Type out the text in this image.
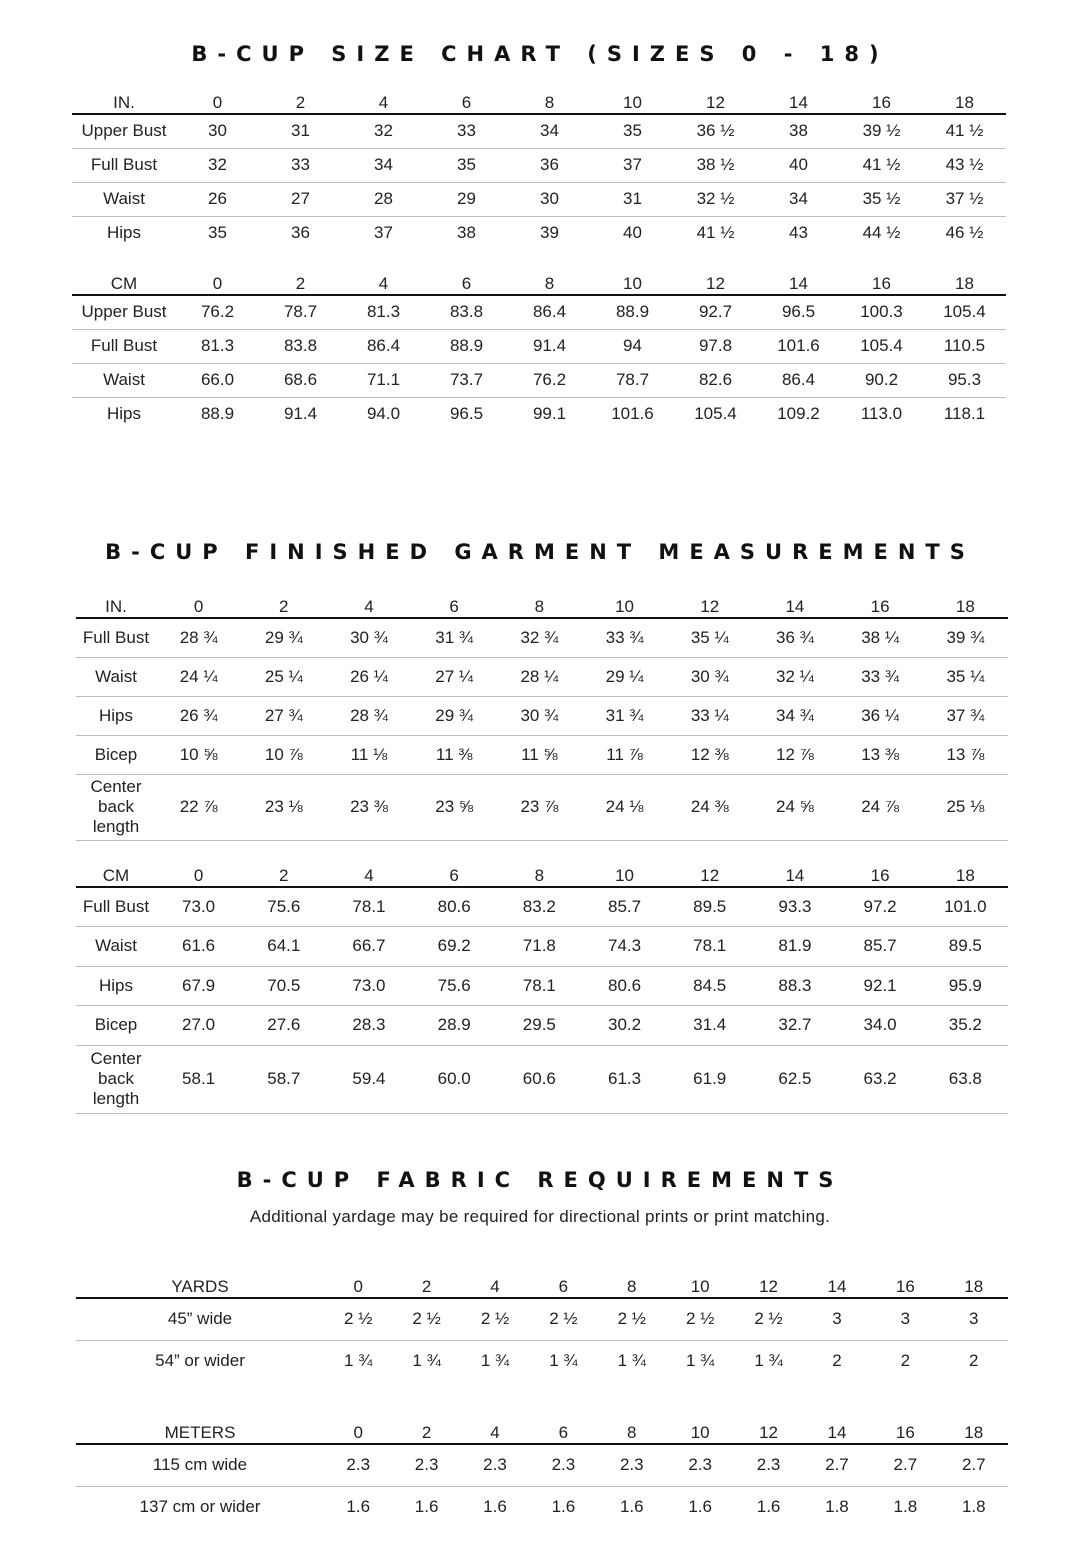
B-CUP SIZE CHART (SIZES 0 - 18)
IN.	0	2	4	6	8	10	12	14	16	18
Upper Bust	30	31	32	33	34	35	36 ½	38	39 ½	41 ½
Full Bust	32	33	34	35	36	37	38 ½	40	41 ½	43 ½
Waist	26	27	28	29	30	31	32 ½	34	35 ½	37 ½
Hips	35	36	37	38	39	40	41 ½	43	44 ½	46 ½
CM	0	2	4	6	8	10	12	14	16	18
Upper Bust	76.2	78.7	81.3	83.8	86.4	88.9	92.7	96.5	100.3	105.4
Full Bust	81.3	83.8	86.4	88.9	91.4	94	97.8	101.6	105.4	110.5
Waist	66.0	68.6	71.1	73.7	76.2	78.7	82.6	86.4	90.2	95.3
Hips	88.9	91.4	94.0	96.5	99.1	101.6	105.4	109.2	113.0	118.1
B-CUP FINISHED GARMENT MEASUREMENTS
IN.	0	2	4	6	8	10	12	14	16	18
Full Bust	28 ¾	29 ¾	30 ¾	31 ¾	32 ¾	33 ¾	35 ¼	36 ¾	38 ¼	39 ¾
Waist	24 ¼	25 ¼	26 ¼	27 ¼	28 ¼	29 ¼	30 ¾	32 ¼	33 ¾	35 ¼
Hips	26 ¾	27 ¾	28 ¾	29 ¾	30 ¾	31 ¾	33 ¼	34 ¾	36 ¼	37 ¾
Bicep	10 ⅝	10 ⅞	11 ⅛	11 ⅜	11 ⅝	11 ⅞	12 ⅜	12 ⅞	13 ⅜	13 ⅞
Center back length	22 ⅞	23 ⅛	23 ⅜	23 ⅝	23 ⅞	24 ⅛	24 ⅜	24 ⅝	24 ⅞	25 ⅛
CM	0	2	4	6	8	10	12	14	16	18
Full Bust	73.0	75.6	78.1	80.6	83.2	85.7	89.5	93.3	97.2	101.0
Waist	61.6	64.1	66.7	69.2	71.8	74.3	78.1	81.9	85.7	89.5
Hips	67.9	70.5	73.0	75.6	78.1	80.6	84.5	88.3	92.1	95.9
Bicep	27.0	27.6	28.3	28.9	29.5	30.2	31.4	32.7	34.0	35.2
Center back length	58.1	58.7	59.4	60.0	60.6	61.3	61.9	62.5	63.2	63.8
B-CUP FABRIC REQUIREMENTS
Additional yardage may be required for directional prints or print matching.
YARDS	0	2	4	6	8	10	12	14	16	18
45” wide	2 ½	2 ½	2 ½	2 ½	2 ½	2 ½	2 ½	3	3	3
54” or wider	1 ¾	1 ¾	1 ¾	1 ¾	1 ¾	1 ¾	1 ¾	2	2	2
METERS	0	2	4	6	8	10	12	14	16	18
115 cm wide	2.3	2.3	2.3	2.3	2.3	2.3	2.3	2.7	2.7	2.7
137 cm or wider	1.6	1.6	1.6	1.6	1.6	1.6	1.6	1.8	1.8	1.8
